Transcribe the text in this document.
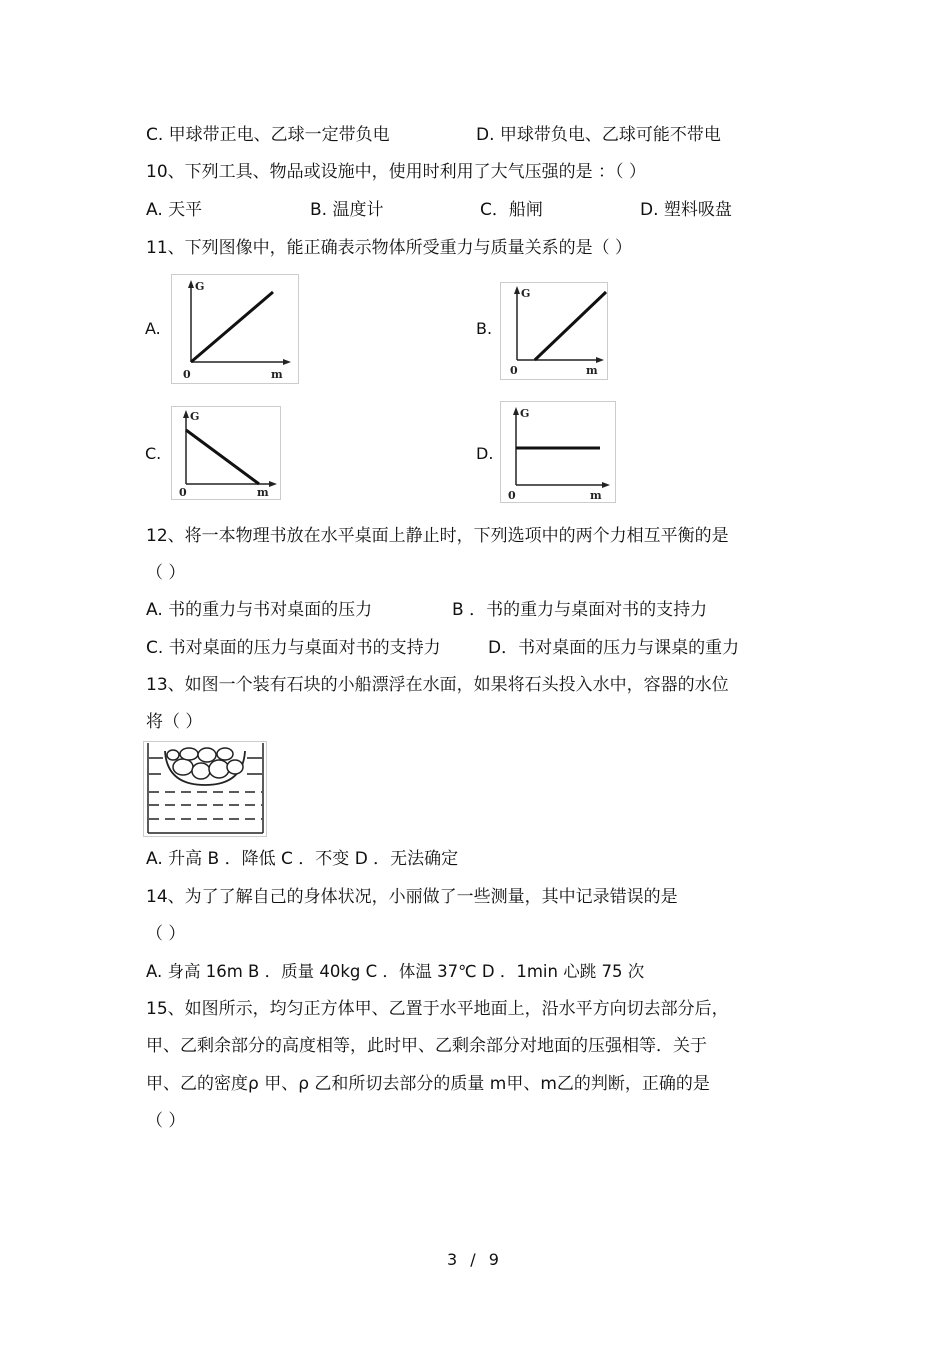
C. 甲球带正电、乙球一定带负电	D. 甲球带负电、乙球可能不带电
10、下列工具、物品或设施中，使用时利用了大气压强的是 ：（ ）
A. 天平	B. 温度计	C．船闸	D. 塑料吸盘
11、下列图像中，能正确表示物体所受重力与质量关系的是（ ）
A.
G
m
0
B.
G
m
0
C.
G
m
0
D.
G
m
0
12、将一本物理书放在水平桌面上静止时，下列选项中的两个力相互平衡的是
（ ）
A. 书的重力与书对桌面的压力	B ．书的重力与桌面对书的支持力
C. 书对桌面的压力与桌面对书的支持力	D．书对桌面的压力与课桌的重力
13、如图一个装有石块的小船漂浮在水面，如果将石头投入水中，容器的水位
将（ ）
A. 升高 B ．降低 C ．不变 D ．无法确定
14、为了了解自己的身体状况，小丽做了一些测量，其中记录错误的是
（ ）
A. 身高 16m B ．质量 40kg C ．体温 37℃ D ．1min 心跳 75 次
15、如图所示，均匀正方体甲、乙置于水平地面上，沿水平方向切去部分后，
甲、乙剩余部分的高度相等，此时甲、乙剩余部分对地面的压强相等．关于
甲、乙的密度ρ 甲、ρ 乙和所切去部分的质量 m甲、m乙的判断，正确的是
（ ）
3 / 9
